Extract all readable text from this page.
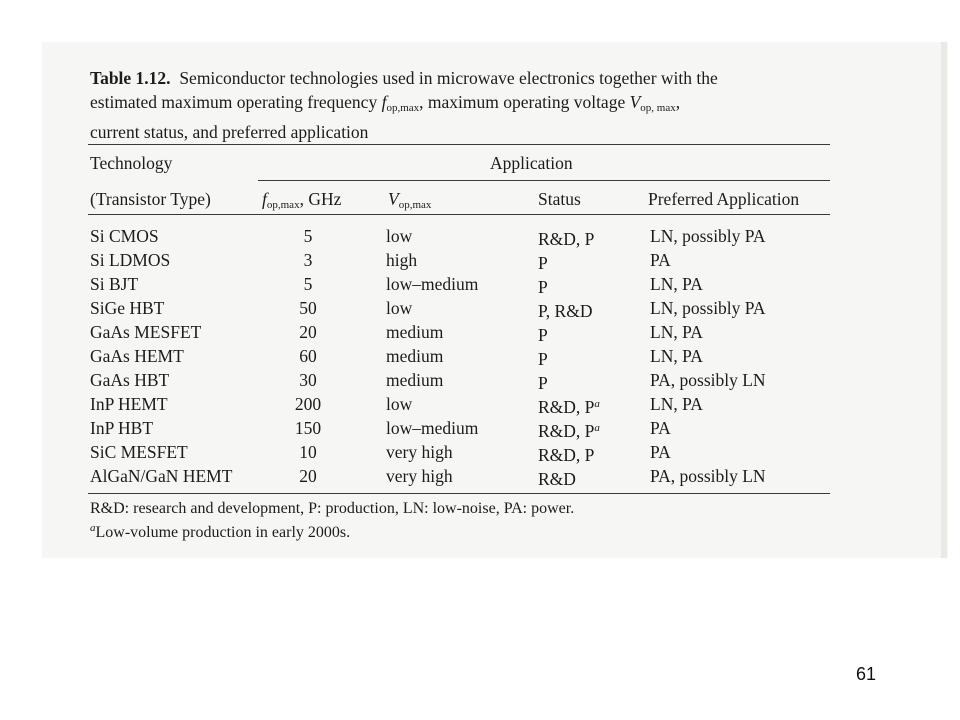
Table 1.12. Semiconductor technologies used in microwave electronics together with the
estimated maximum operating frequency $f_{op,max}$, maximum operating voltage $V_{op, max}$,
current status, and preferred application
Technology	Application
(Transistor Type)	$f_{op,max}$, GHz	$V_{op,max}$	Status	Preferred Application
Si CMOS	5	low	R&D, P	LN, possibly PA
Si LDMOS	3	high	P	PA
Si BJT	5	low–medium	P	LN, PA
SiGe HBT	50	low	P, R&D	LN, possibly PA
GaAs MESFET	20	medium	P	LN, PA
GaAs HEMT	60	medium	P	LN, PA
GaAs HBT	30	medium	P	PA, possibly LN
InP HEMT	200	low	R&D, $P^a$	LN, PA
InP HBT	150	low–medium	R&D, $P^a$	PA
SiC MESFET	10	very high	R&D, P	PA
AlGaN/GaN HEMT	20	very high	R&D	PA, possibly LN
R&D: research and development, P: production, LN: low-noise, PA: power.
$^a$Low-volume production in early 2000s.
61
